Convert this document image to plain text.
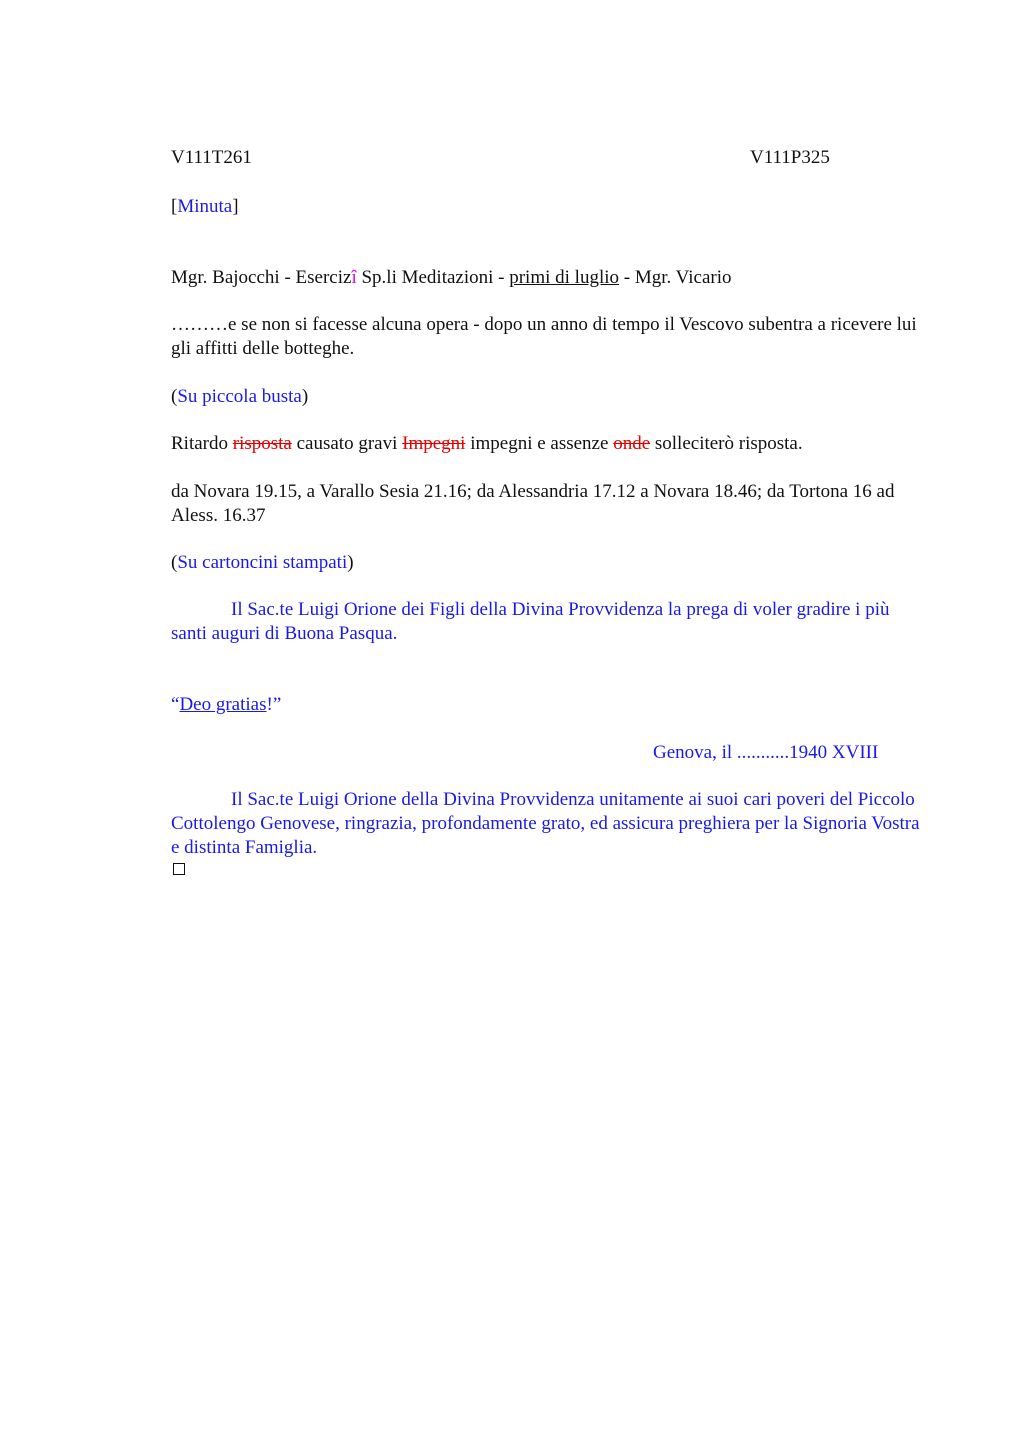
V111T261	V111P325
[Minuta]
Mgr. Bajocchi - Esercizî Sp.li Meditazioni - primi di luglio - Mgr. Vicario
………e se non si facesse alcuna opera - dopo un anno di tempo il Vescovo subentra a ricevere lui gli affitti delle botteghe.
(Su piccola busta)
Ritardo risposta causato gravi Impegni impegni e assenze onde solleciterò risposta.
da Novara 19.15, a Varallo Sesia 21.16; da Alessandria 17.12 a Novara 18.46; da Tortona 16 ad Aless. 16.37
(Su cartoncini stampati)
Il Sac.te Luigi Orione dei Figli della Divina Provvidenza la prega di voler gradire i più santi auguri di Buona Pasqua.
“Deo gratias!”
Genova, il ...........1940 XVIII
Il Sac.te Luigi Orione della Divina Provvidenza unitamente ai suoi cari poveri del Piccolo Cottolengo Genovese, ringrazia, profondamente grato, ed assicura preghiera per la Signoria Vostra e distinta Famiglia.
